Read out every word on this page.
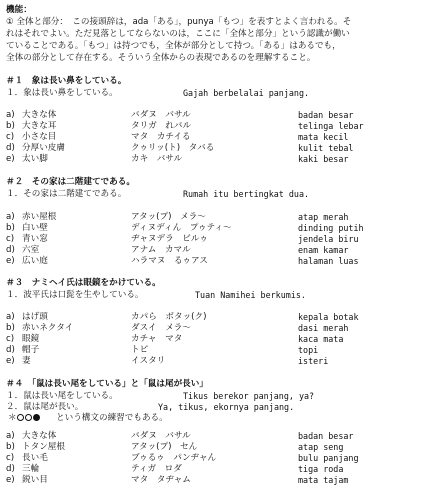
機能：
① 全体と部分：　この接頭辞は，ada「ある」，punya「もつ」を表すとよく言われる。そ
れはそれでよい。ただ見落としてならないのは，ここに「全体と部分」という認識が働い
ていることである。「もつ」は持つでも，全体が部分として持つ。「ある」はあるでも，
全体の部分として存在する。そういう全体からの表現であるのを理解すること。
＃１　象は長い鼻をしている。
１．象は長い鼻をしている。	Gajah berbelalai panjang.
a) 大きな体	バダヌ　バサル	badan besar
b) 大きな耳	タリガ　れバル	telinga lebar
c) 小さな目	マタ　カチイる	mata kecil
d) 分厚い皮膚	クゥリッ(ト)　タバる	kulit tebal
e) 太い脚	カキ　バサル	kaki besar
＃２　その家は二階建てである。
１．その家は二階建てである。	Rumah itu bertingkat dua.
a) 赤い屋根	アタッ(プ)　メラ～	atap merah
b) 白い壁	ディヌディん　プゥティ～	dinding putih
c) 青い窓	ヂャヌデラ　ビルゥ	jendela biru
d) 六室	アナム　カマル	enam kamar
e) 広い庭	ハラマヌ　るゥアス	halaman luas
＃３　ナミヘイ氏は眼鏡をかけている。
１．波平氏は口髭を生やしている。	Tuan Namihei berkumis.
a) はげ頭	カパら　ボタッ(ク)	kepala botak
b) 赤いネクタイ	ダスイ　メラ～	dasi merah
c) 眼鏡	カチャ　マタ	kaca mata
d) 帽子	トピ	topi
e) 妻	イスタリ	isteri
＃４　「鼠は長い尾をしている」と「鼠は尾が長い」
１．鼠は長い尾をしている。	Tikus berekor panjang, ya?
２．鼠は尾が長い。	Ya, tikus, ekornya panjang.
＊	という構文の練習でもある。
a) 大きな体	バダヌ　バサル	badan besar
b) トタン屋根	アタッ(プ)　セん	atap seng
c) 長い毛	ブゥるゥ　パンヂャん	bulu panjang
d) 三輪	ティガ　ロダ	tiga roda
e) 鋭い目	マタ　タヂャム	mata tajam
